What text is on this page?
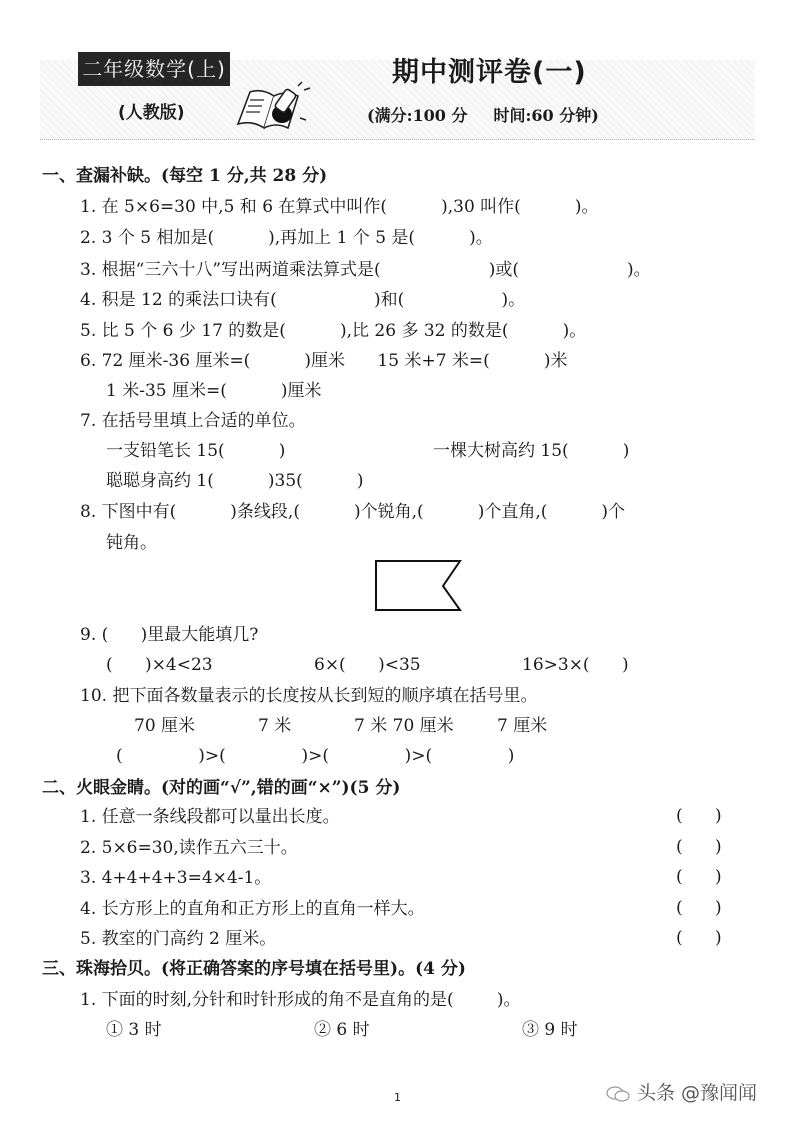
二年级数学(上)
(人教版)
期中测评卷(一)
(满分:100 分 时间:60 分钟)
一、查漏补缺。(每空 1 分,共 28 分)
1. 在 5×6=30 中,5 和 6 在算式中叫作(          ),30 叫作(          )。
2. 3 个 5 相加是(          ),再加上 1 个 5 是(          )。
3. 根据“三六十八”写出两道乘法算式是(                    )或(                    )。
4. 积是 12 的乘法口诀有(                  )和(                  )。
5. 比 5 个 6 少 17 的数是(          ),比 26 多 32 的数是(          )。
6. 72 厘米-36 厘米=(          )厘米      15 米+7 米=(          )米
1 米-35 厘米=(          )厘米
7. 在括号里填上合适的单位。
一支铅笔长 15(          )	一棵大树高约 15(          )
聪聪身高约 1(          )35(          )
8. 下图中有(          )条线段,(          )个锐角,(          )个直角,(          )个
钝角。
9. (      )里最大能填几?
(      )×4<23	6×(      )<35	16>3×(      )
10. 把下面各数量表示的长度按从长到短的顺序填在括号里。
70 厘米	7 米	7 米 70 厘米	7 厘米
(              )>(              )>(              )>(              )
二、火眼金睛。(对的画“√”,错的画“×”)(5 分)
1. 任意一条线段都可以量出长度。	(      )
2. 5×6=30,读作五六三十。	(      )
3. 4+4+4+3=4×4-1。	(      )
4. 长方形上的直角和正方形上的直角一样大。	(      )
5. 教室的门高约 2 厘米。	(      )
三、珠海拾贝。(将正确答案的序号填在括号里)。(4 分)
1. 下面的时刻,分针和时针形成的角不是直角的是(        )。
① 3 时	② 6 时	③ 9 时
1	头条 @豫闻闻
